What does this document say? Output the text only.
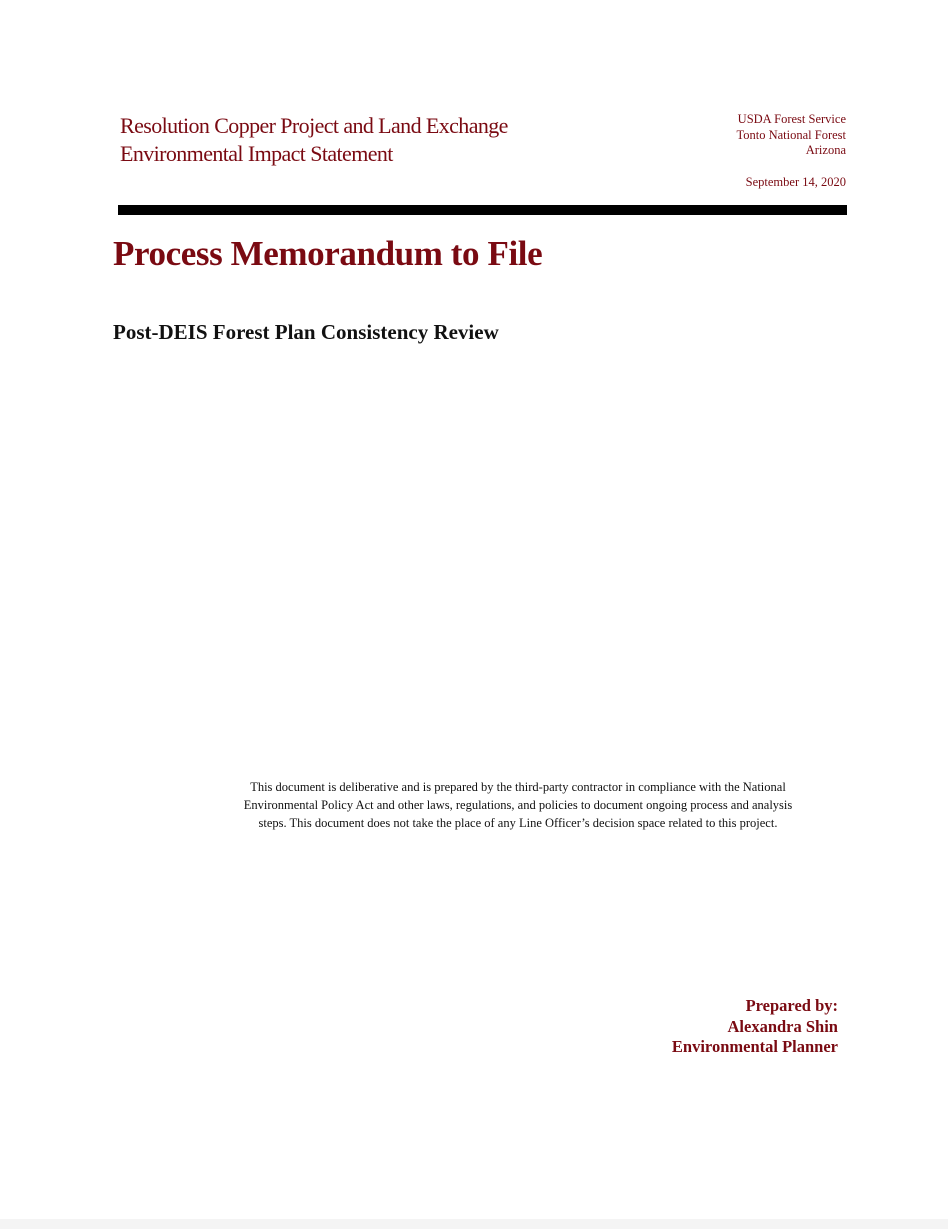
Resolution Copper Project and Land Exchange
Environmental Impact Statement
USDA Forest Service
Tonto National Forest
Arizona
September 14, 2020
Process Memorandum to File
Post-DEIS Forest Plan Consistency Review
This document is deliberative and is prepared by the third-party contractor in compliance with the National
Environmental Policy Act and other laws, regulations, and policies to document ongoing process and analysis
steps. This document does not take the place of any Line Officer’s decision space related to this project.
Prepared by:
Alexandra Shin
Environmental Planner
